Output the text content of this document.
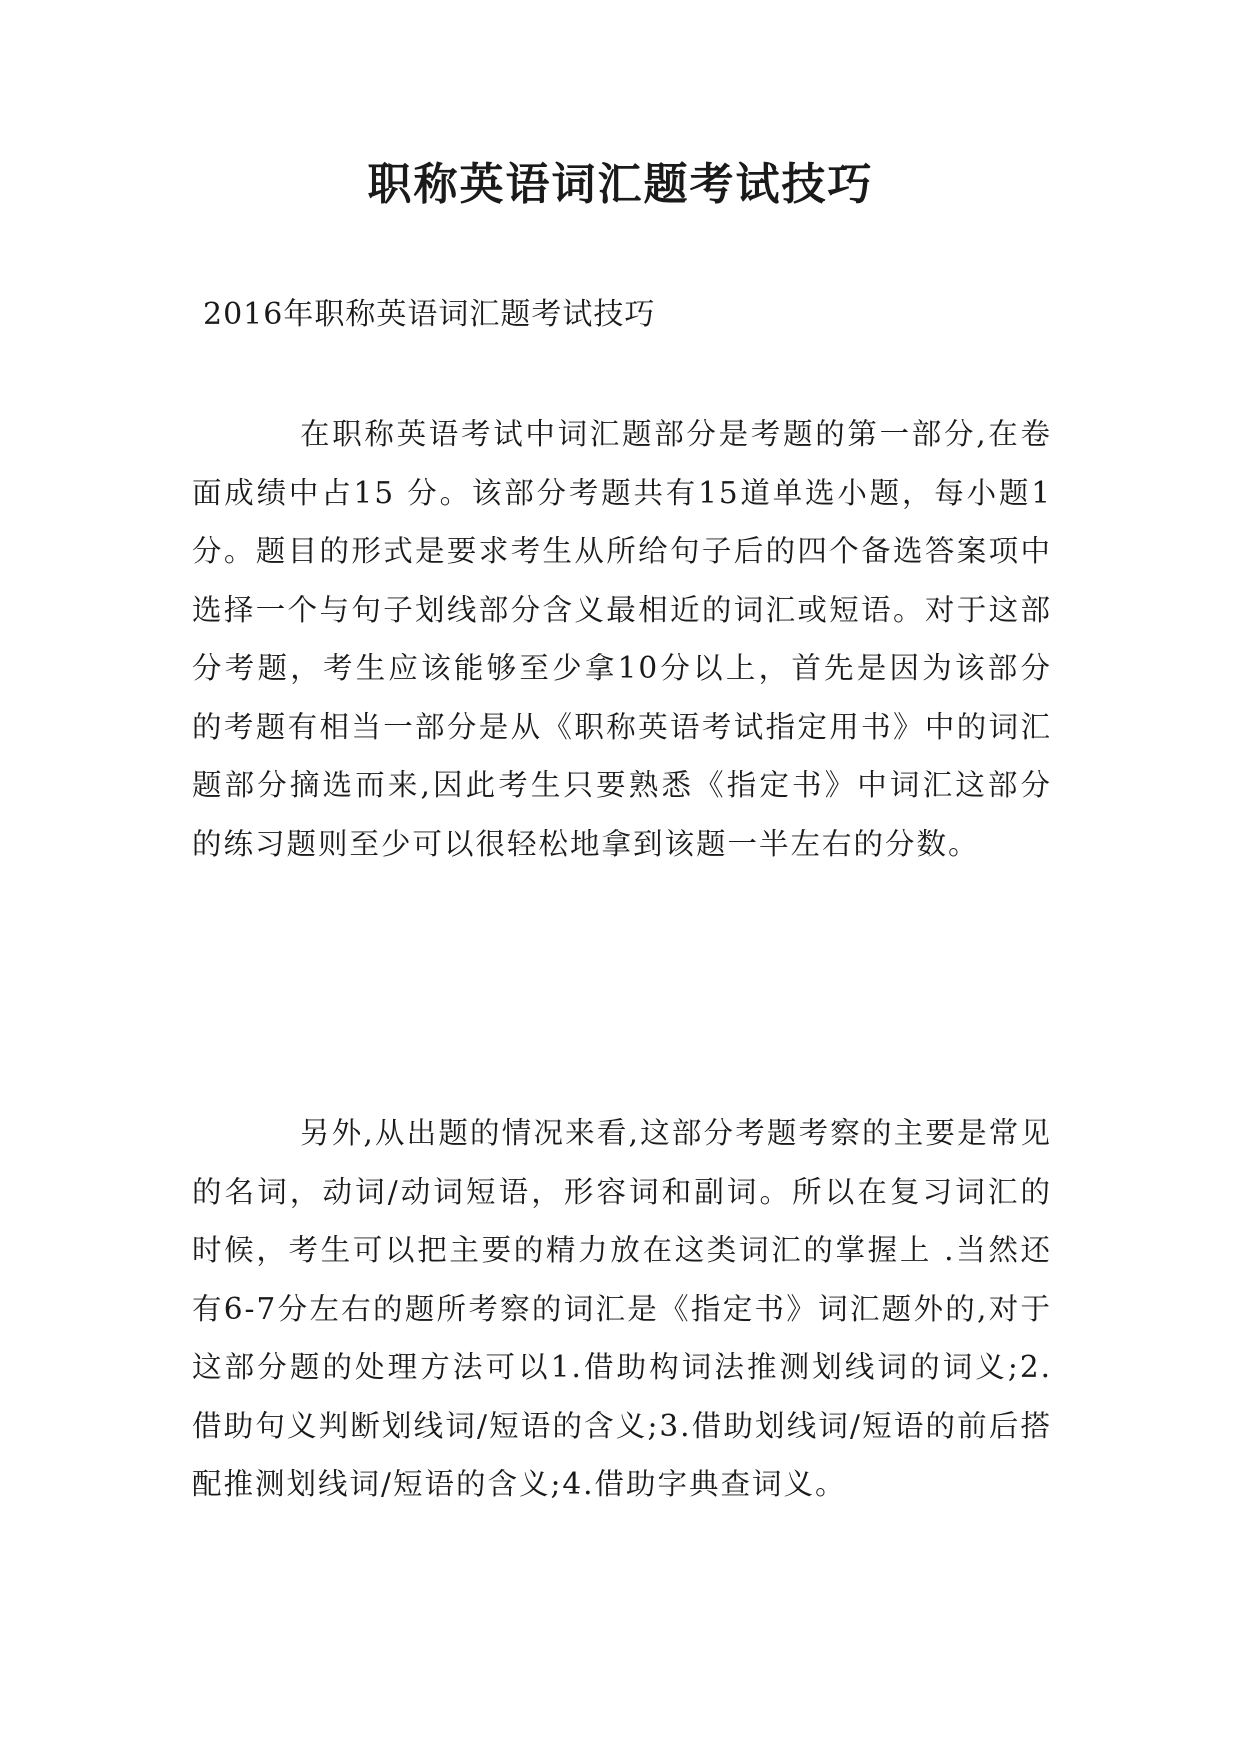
职称英语词汇题考试技巧

2016年职称英语词汇题考试技巧

在职称英语考试中词汇题部分是考题的第一部分,在卷面成绩中占15 分。该部分考题共有15道单选小题，每小题1分。题目的形式是要求考生从所给句子后的四个备选答案项中选择一个与句子划线部分含义最相近的词汇或短语。对于这部分考题，考生应该能够至少拿10分以上，首先是因为该部分的考题有相当一部分是从《职称英语考试指定用书》中的词汇题部分摘选而来,因此考生只要熟悉《指定书》中词汇这部分的练习题则至少可以很轻松地拿到该题一半左右的分数。

另外,从出题的情况来看,这部分考题考察的主要是常见的名词，动词/动词短语，形容词和副词。所以在复习词汇的时候，考生可以把主要的精力放在这类词汇的掌握上 .当然还有6-7分左右的题所考察的词汇是《指定书》词汇题外的,对于这部分题的处理方法可以1.借助构词法推测划线词的词义;2.借助句义判断划线词/短语的含义;3.借助划线词/短语的前后搭配推测划线词/短语的含义;4.借助字典查词义。
